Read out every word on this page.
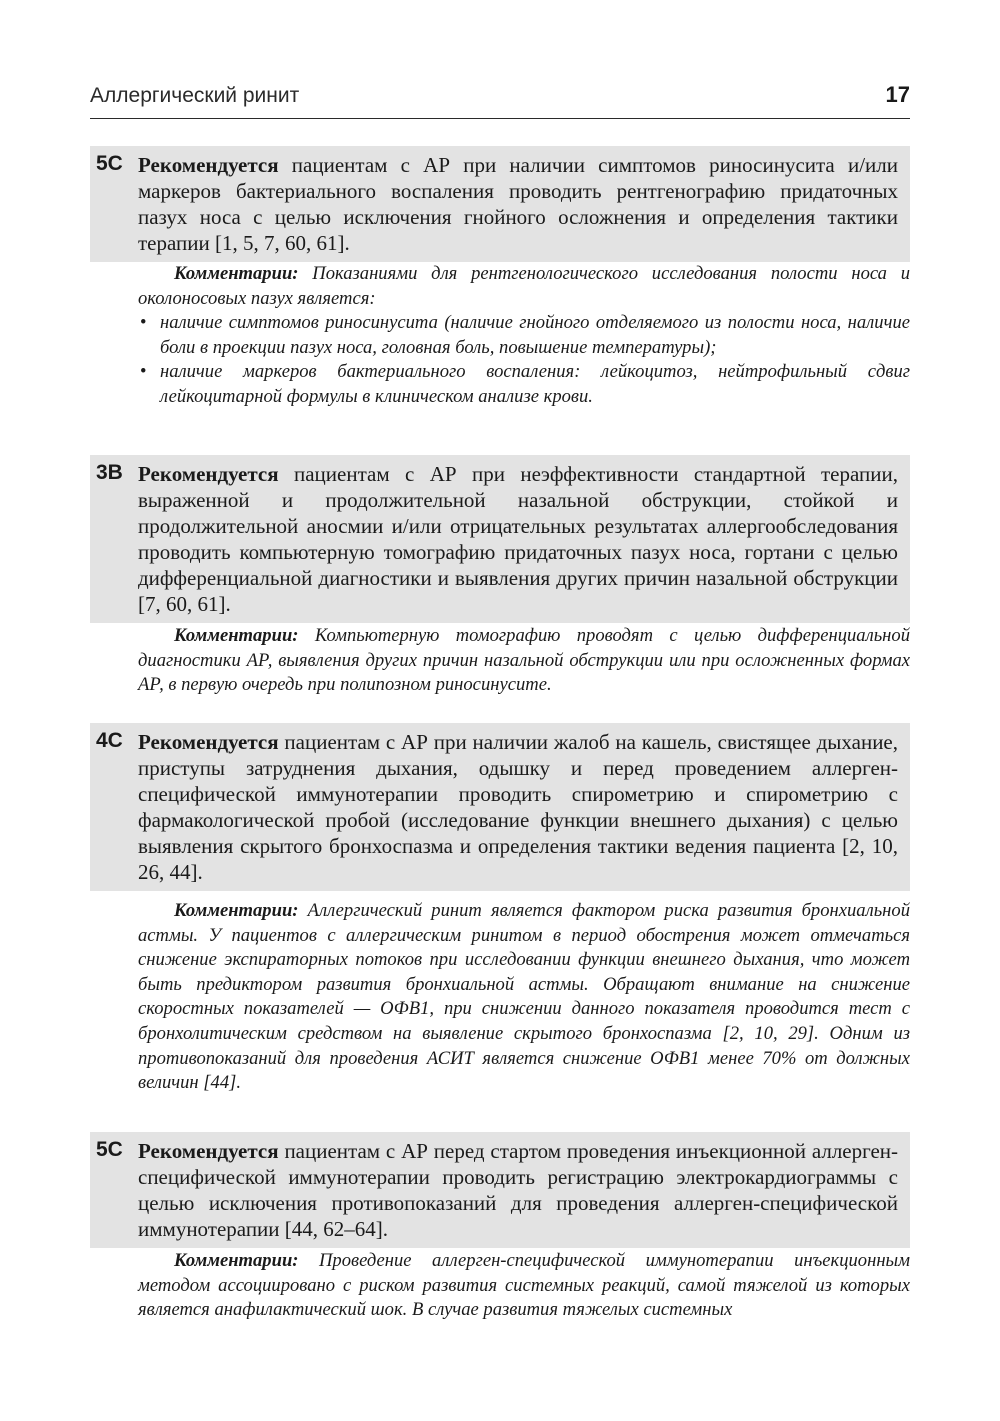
Аллергический ринит	17
5С Рекомендуется пациентам с АР при наличии симптомов риносинусита и/или маркеров бактериального воспаления проводить рентгенографию придаточных пазух носа с целью исключения гнойного осложнения и определения тактики терапии [1, 5, 7, 60, 61].

Комментарии: Показаниями для рентгенологического исследования полости носа и околоносовых пазух является:

• наличие симптомов риносинусита (наличие гнойного отделяемого из полости носа, наличие боли в проекции пазух носа, головная боль, повышение температуры);
• наличие маркеров бактериального воспаления: лейкоцитоз, нейтрофильный сдвиг лейкоцитарной формулы в клиническом анализе крови.
3В Рекомендуется пациентам с АР при неэффективности стандартной терапии, выраженной и продолжительной назальной обструкции, стойкой и продолжительной аносмии и/или отрицательных результатах аллергообследования проводить компьютерную томографию придаточных пазух носа, гортани с целью дифференциальной диагностики и выявления других причин назальной обструкции [7, 60, 61].

Комментарии: Компьютерную томографию проводят с целью дифференциальной диагностики АР, выявления других причин назальной обструкции или при осложненных формах АР, в первую очередь при полипозном риносинусите.

4С Рекомендуется пациентам с АР при наличии жалоб на кашель, свистящее дыхание, приступы затруднения дыхания, одышку и перед проведением аллерген-специфической иммунотерапии проводить спирометрию и спирометрию с фармакологической пробой (исследование функции внешнего дыхания) с целью выявления скрытого бронхоспазма и определения тактики ведения пациента [2, 10, 26, 44].

Комментарии: Аллергический ринит является фактором риска развития бронхиальной астмы. У пациентов с аллергическим ринитом в период обострения может отмечаться снижение экспираторных потоков при исследовании функции внешнего дыхания, что может быть предиктором развития бронхиальной астмы. Обращают внимание на снижение скоростных показателей — ОФВ1, при снижении данного показателя проводится тест с бронхолитическим средством на выявление скрытого бронхоспазма [2, 10, 29]. Одним из противопоказаний для проведения АСИТ является снижение ОФВ1 менее 70% от должных величин [44].

5С Рекомендуется пациентам с АР перед стартом проведения инъекционной аллерген-специфической иммунотерапии проводить регистрацию электрокардиограммы с целью исключения противопоказаний для проведения аллерген-специфической иммунотерапии [44, 62–64].

Комментарии: Проведение аллерген-специфической иммунотерапии инъекционным методом ассоциировано с риском развития системных реакций, самой тяжелой из которых является анафилактический шок. В случае развития тяжелых системных
